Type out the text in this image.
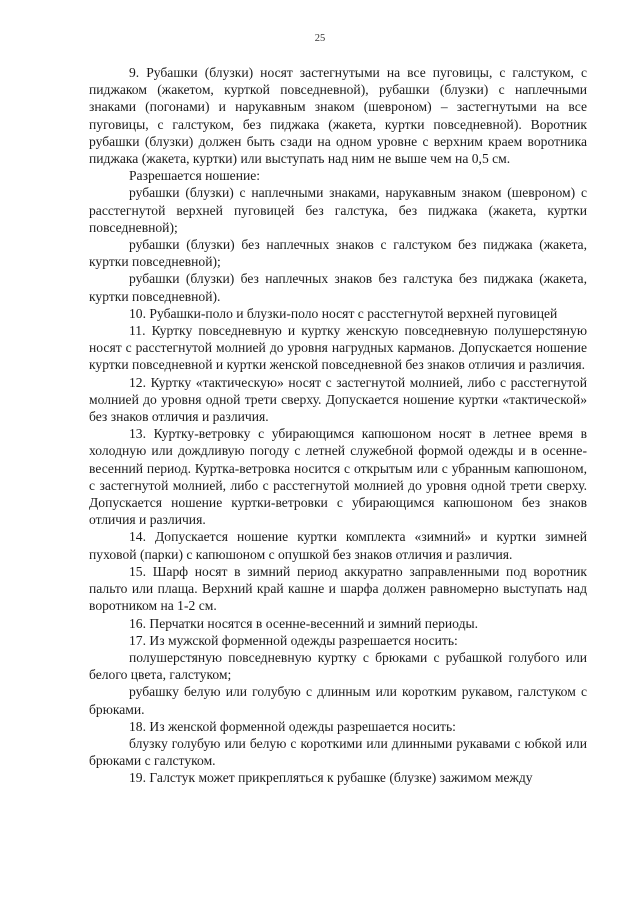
25

9. Рубашки (блузки) носят застегнутыми на все пуговицы, с галстуком, с пиджаком (жакетом, курткой повседневной), рубашки (блузки) с наплечными знаками (погонами) и нарукавным знаком (шевроном) – застегнутыми на все пуговицы, с галстуком, без пиджака (жакета, куртки повседневной). Воротник рубашки (блузки) должен быть сзади на одном уровне с верхним краем воротника пиджака (жакета, куртки) или выступать над ним не выше чем на 0,5 см.

Разрешается ношение:

рубашки (блузки) с наплечными знаками, нарукавным знаком (шевроном) с расстегнутой верхней пуговицей без галстука, без пиджака (жакета, куртки повседневной);

рубашки (блузки) без наплечных знаков с галстуком без пиджака (жакета, куртки повседневной);

рубашки (блузки) без наплечных знаков без галстука без пиджака (жакета, куртки повседневной).

10. Рубашки-поло и блузки-поло носят с расстегнутой верхней пуговицей

11. Куртку повседневную и куртку женскую повседневную полушерстяную носят с расстегнутой молнией до уровня нагрудных карманов. Допускается ношение куртки повседневной и куртки женской повседневной без знаков отличия и различия.

12. Куртку «тактическую» носят с застегнутой молнией, либо с расстегнутой молнией до уровня одной трети сверху. Допускается ношение куртки «тактической» без знаков отличия и различия.

13. Куртку-ветровку с убирающимся капюшоном носят в летнее время в холодную или дождливую погоду с летней служебной формой одежды и в осенне-весенний период. Куртка-ветровка носится с открытым или с убранным капюшоном, с застегнутой молнией, либо с расстегнутой молнией до уровня одной трети сверху. Допускается ношение куртки-ветровки с убирающимся капюшоном без знаков отличия и различия.

14. Допускается ношение куртки комплекта «зимний» и куртки зимней пуховой (парки) с капюшоном с опушкой без знаков отличия и различия.

15. Шарф носят в зимний период аккуратно заправленными под воротник пальто или плаща. Верхний край кашне и шарфа должен равномерно выступать над воротником на 1-2 см.

16. Перчатки носятся в осенне-весенний и зимний периоды.

17. Из мужской форменной одежды разрешается носить:

полушерстяную повседневную куртку с брюками с рубашкой голубого или белого цвета, галстуком;

рубашку белую или голубую с длинным или коротким рукавом, галстуком с брюками.

18. Из женской форменной одежды разрешается носить:

блузку голубую или белую с короткими или длинными рукавами с юбкой или брюками с галстуком.

19. Галстук может прикрепляться к рубашке (блузке) зажимом между
